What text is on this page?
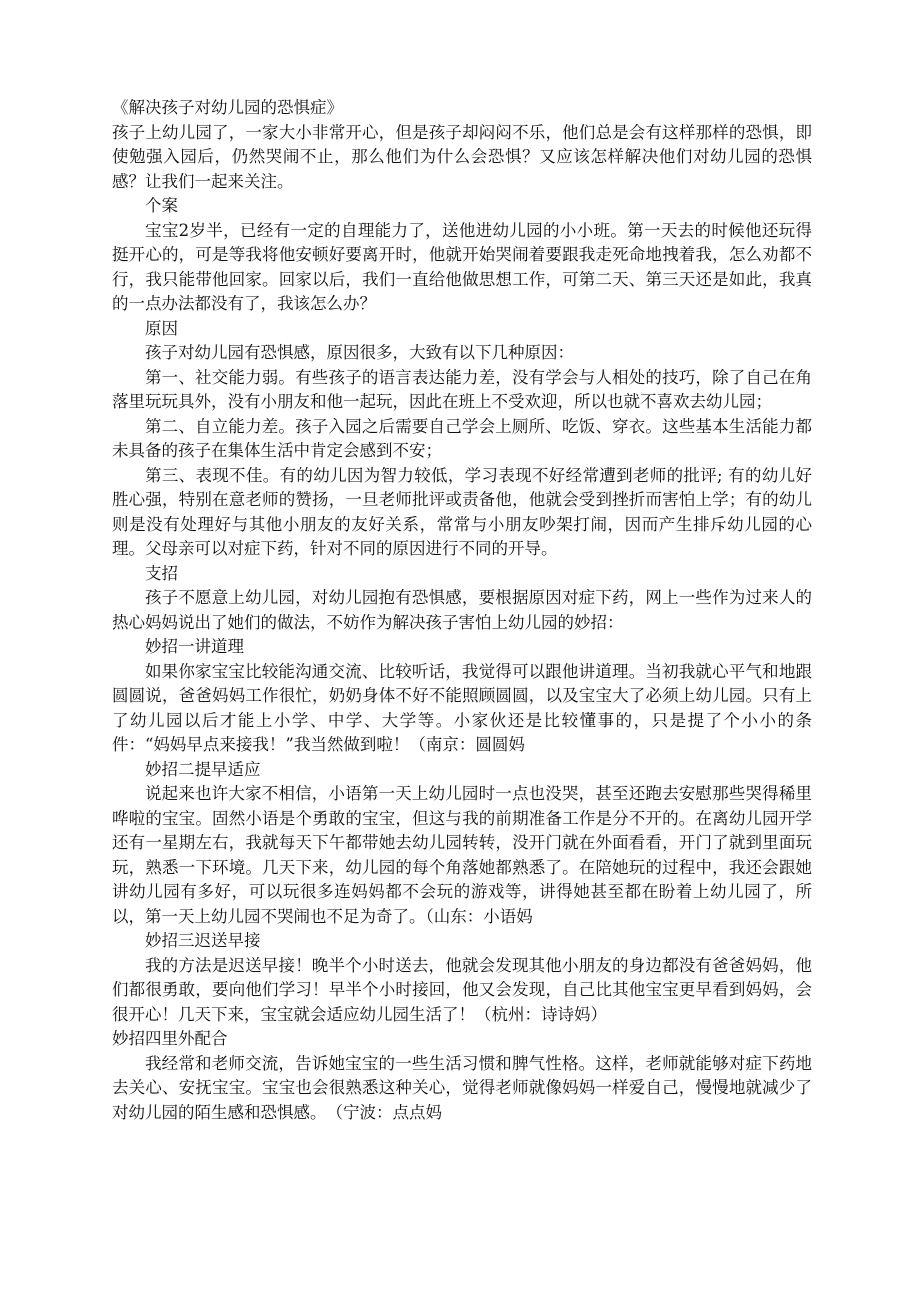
《解决孩子对幼儿园的恐惧症》

孩子上幼儿园了，一家大小非常开心，但是孩子却闷闷不乐，他们总是会有这样那样的恐惧，即使勉强入园后，仍然哭闹不止，那么他们为什么会恐惧？又应该怎样解决他们对幼儿园的恐惧感？让我们一起来关注。

个案

宝宝2岁半，已经有一定的自理能力了，送他进幼儿园的小小班。第一天去的时候他还玩得挺开心的，可是等我将他安顿好要离开时，他就开始哭闹着要跟我走死命地拽着我，怎么劝都不行，我只能带他回家。回家以后，我们一直给他做思想工作，可第二天、第三天还是如此，我真的一点办法都没有了，我该怎么办？

原因

孩子对幼儿园有恐惧感，原因很多，大致有以下几种原因：

第一、社交能力弱。有些孩子的语言表达能力差，没有学会与人相处的技巧，除了自己在角落里玩玩具外，没有小朋友和他一起玩，因此在班上不受欢迎，所以也就不喜欢去幼儿园；

第二、自立能力差。孩子入园之后需要自己学会上厕所、吃饭、穿衣。这些基本生活能力都未具备的孩子在集体生活中肯定会感到不安；

第三、表现不佳。有的幼儿因为智力较低，学习表现不好经常遭到老师的批评; 有的幼儿好胜心强，特别在意老师的赞扬，一旦老师批评或责备他，他就会受到挫折而害怕上学；有的幼儿则是没有处理好与其他小朋友的友好关系，常常与小朋友吵架打闹，因而产生排斥幼儿园的心理。父母亲可以对症下药，针对不同的原因进行不同的开导。

支招

孩子不愿意上幼儿园，对幼儿园抱有恐惧感，要根据原因对症下药，网上一些作为过来人的热心妈妈说出了她们的做法，不妨作为解决孩子害怕上幼儿园的妙招：

妙招一讲道理

如果你家宝宝比较能沟通交流、比较听话，我觉得可以跟他讲道理。当初我就心平气和地跟圆圆说，爸爸妈妈工作很忙，奶奶身体不好不能照顾圆圆，以及宝宝大了必须上幼儿园。只有上了幼儿园以后才能上小学、中学、大学等。小家伙还是比较懂事的，只是提了个小小的条件：“妈妈早点来接我！”我当然做到啦！（南京：圆圆妈

妙招二提早适应

说起来也许大家不相信，小语第一天上幼儿园时一点也没哭，甚至还跑去安慰那些哭得稀里哗啦的宝宝。固然小语是个勇敢的宝宝，但这与我的前期准备工作是分不开的。在离幼儿园开学还有一星期左右，我就每天下午都带她去幼儿园转转，没开门就在外面看看，开门了就到里面玩玩，熟悉一下环境。几天下来，幼儿园的每个角落她都熟悉了。在陪她玩的过程中，我还会跟她讲幼儿园有多好，可以玩很多连妈妈都不会玩的游戏等，讲得她甚至都在盼着上幼儿园了，所以，第一天上幼儿园不哭闹也不足为奇了。（山东：小语妈

妙招三迟送早接

我的方法是迟送早接！晚半个小时送去，他就会发现其他小朋友的身边都没有爸爸妈妈，他们都很勇敢，要向他们学习！早半个小时接回，他又会发现，自己比其他宝宝更早看到妈妈，会很开心！几天下来，宝宝就会适应幼儿园生活了！（杭州：诗诗妈）

妙招四里外配合

我经常和老师交流，告诉她宝宝的一些生活习惯和脾气性格。这样，老师就能够对症下药地去关心、安抚宝宝。宝宝也会很熟悉这种关心，觉得老师就像妈妈一样爱自己，慢慢地就减少了对幼儿园的陌生感和恐惧感。　（宁波：点点妈
